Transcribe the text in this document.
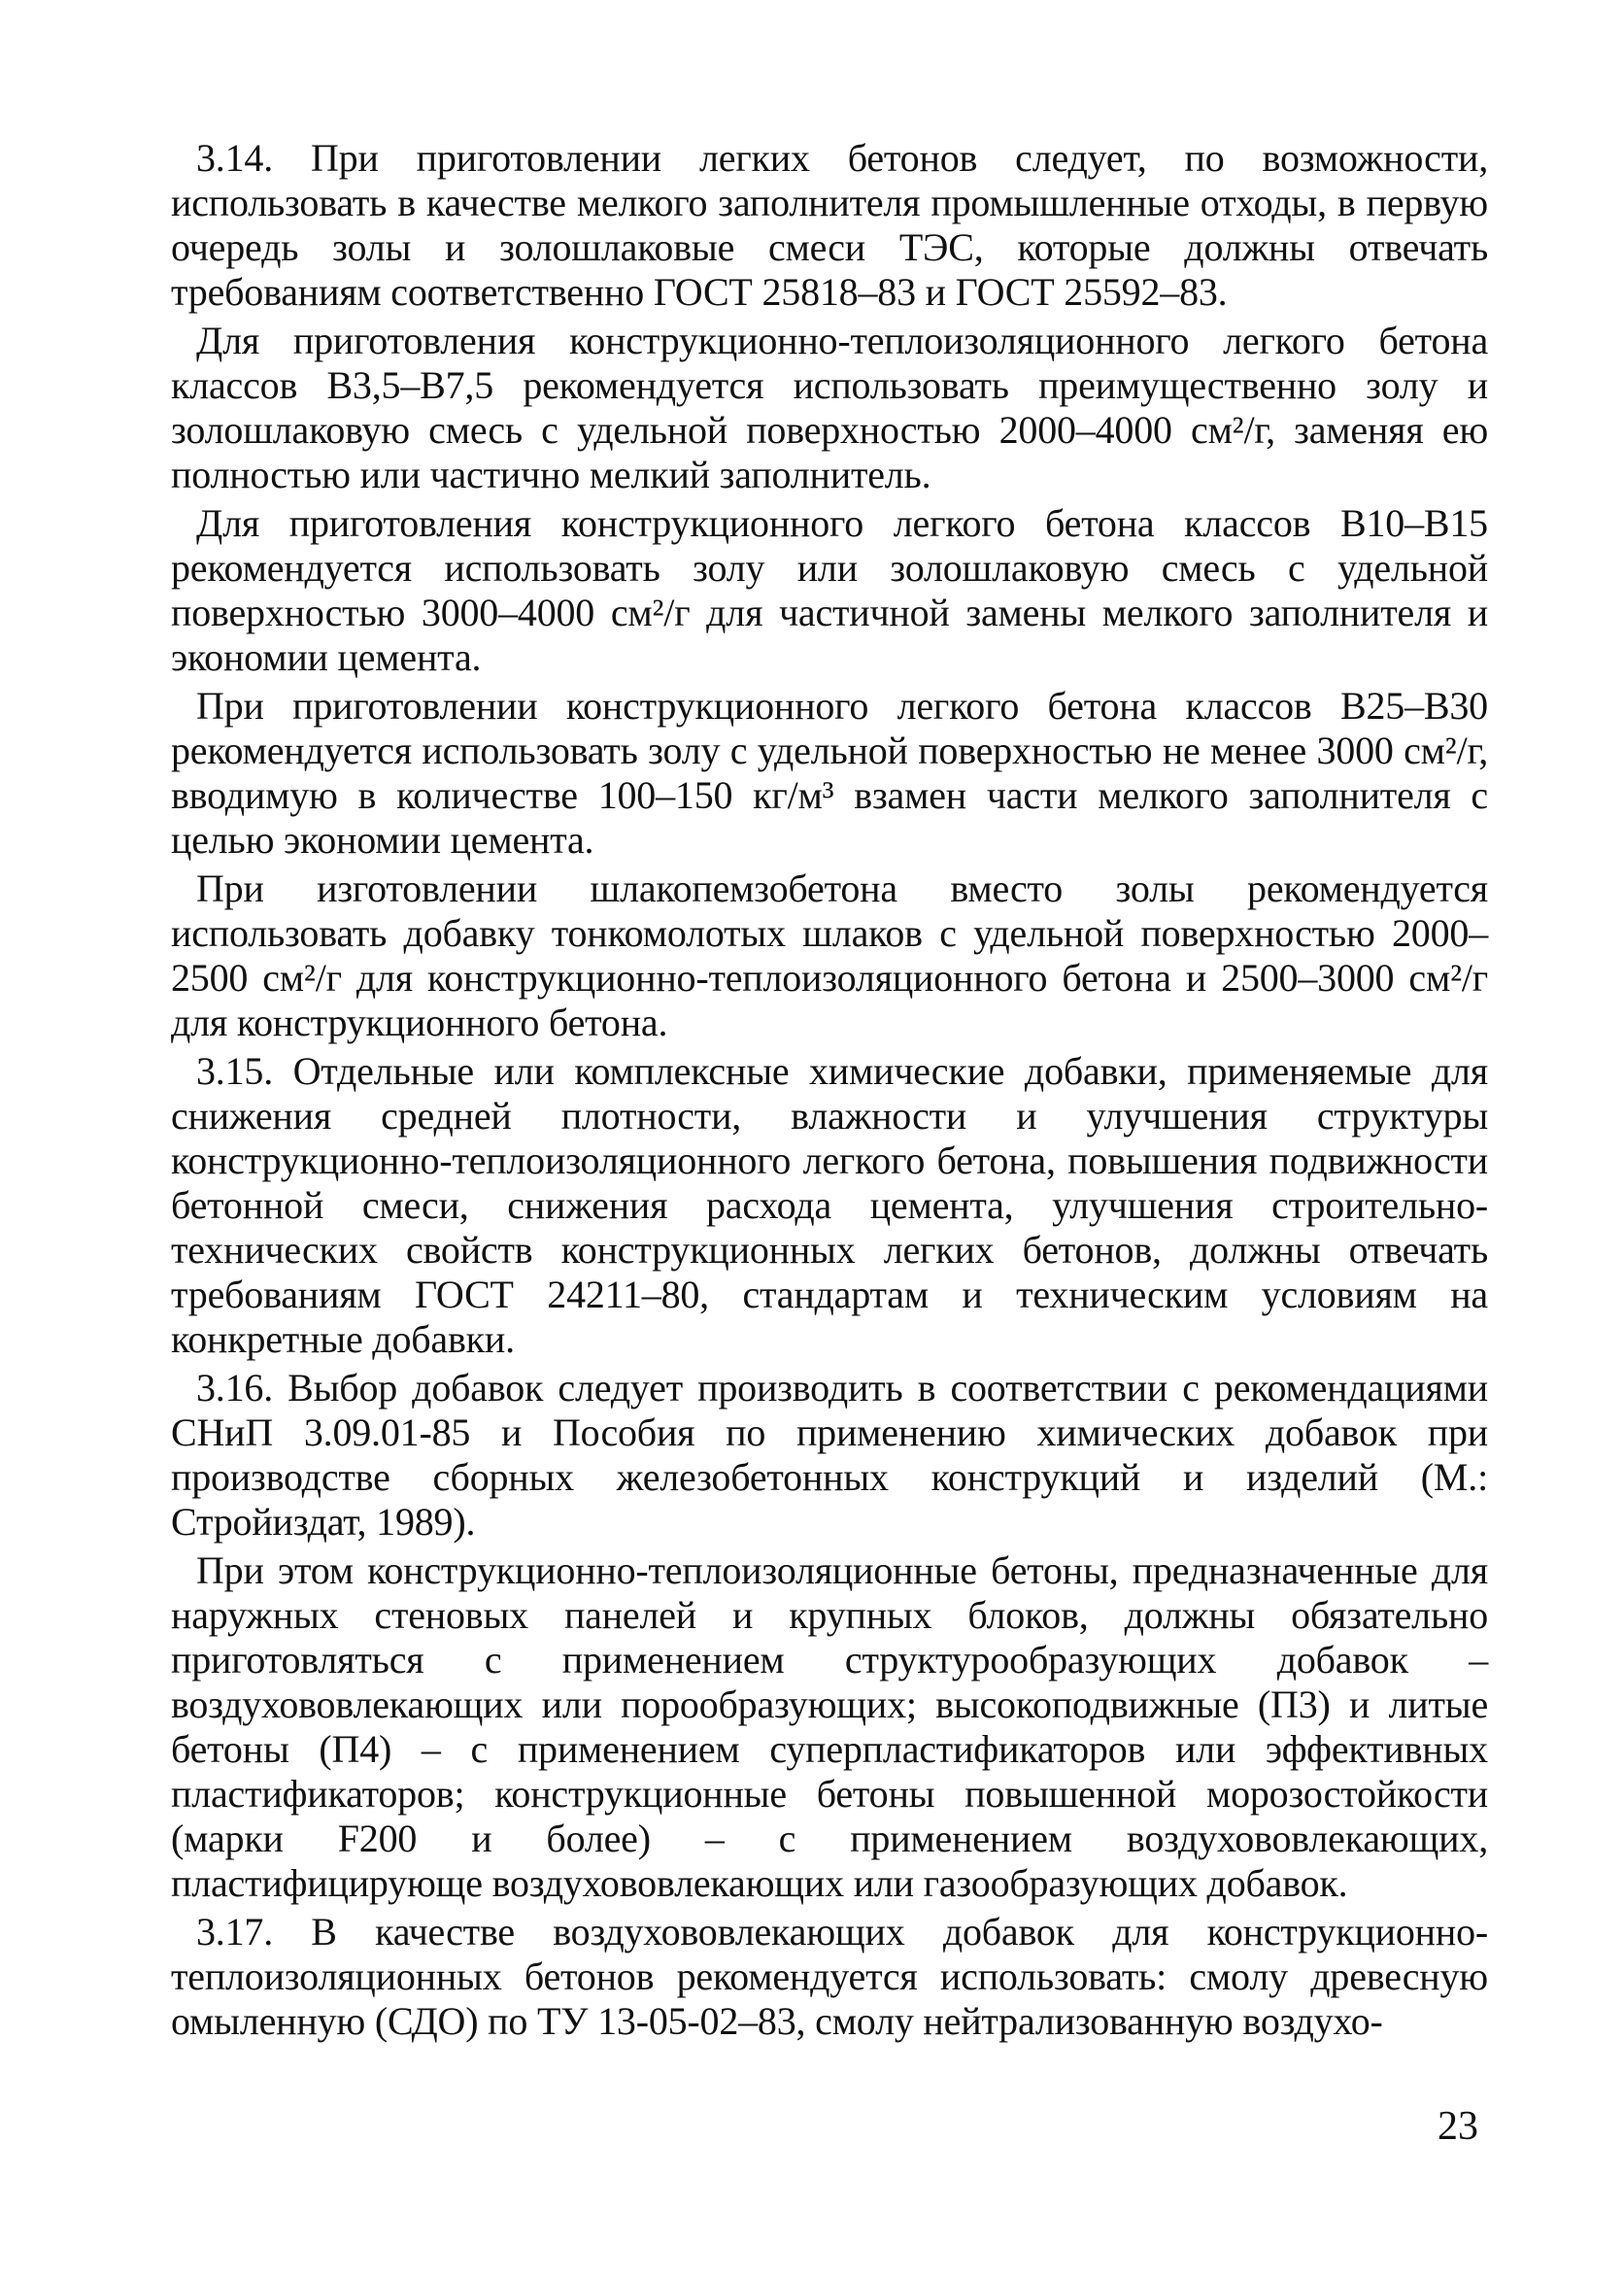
3.14. При приготовлении легких бетонов следует, по возможности, использовать в качестве мелкого заполнителя промышленные отходы, в первую очередь золы и золошлаковые смеси ТЭС, которые должны отвечать требованиям соответственно ГОСТ 25818–83 и ГОСТ 25592–83.

Для приготовления конструкционно-теплоизоляционного легкого бетона классов В3,5–В7,5 рекомендуется использовать преимущественно золу и золошлаковую смесь с удельной поверхностью 2000–4000 см²/г, заменяя ею полностью или частично мелкий заполнитель.

Для приготовления конструкционного легкого бетона классов В10–В15 рекомендуется использовать золу или золошлаковую смесь с удельной поверхностью 3000–4000 см²/г для частичной замены мелкого заполнителя и экономии цемента.

При приготовлении конструкционного легкого бетона классов В25–В30 рекомендуется использовать золу с удельной поверхностью не менее 3000 см²/г, вводимую в количестве 100–150 кг/м³ взамен части мелкого заполнителя с целью экономии цемента.

При изготовлении шлакопемзобетона вместо золы рекомендуется использовать добавку тонкомолотых шлаков с удельной поверхностью 2000–2500 см²/г для конструкционно-теплоизоляционного бетона и 2500–3000 см²/г для конструкционного бетона.

3.15. Отдельные или комплексные химические добавки, применяемые для снижения средней плотности, влажности и улучшения структуры конструкционно-теплоизоляционного легкого бетона, повышения подвижности бетонной смеси, снижения расхода цемента, улучшения строительно-технических свойств конструкционных легких бетонов, должны отвечать требованиям ГОСТ 24211–80, стандартам и техническим условиям на конкретные добавки.

3.16. Выбор добавок следует производить в соответствии с рекомендациями СНиП 3.09.01-85 и Пособия по применению химических добавок при производстве сборных железобетонных конструкций и изделий (М.: Стройиздат, 1989).

При этом конструкционно-теплоизоляционные бетоны, предназначенные для наружных стеновых панелей и крупных блоков, должны обязательно приготовляться с применением структурообразующих добавок – воздухововлекающих или порообразующих; высокоподвижные (П3) и литые бетоны (П4) – с применением суперпластификаторов или эффективных пластификаторов; конструкционные бетоны повышенной морозостойкости (марки F200 и более) – с применением воздухововлекающих, пластифицирующе воздухововлекающих или газообразующих добавок.

3.17. В качестве воздухововлекающих добавок для конструкционно-теплоизоляционных бетонов рекомендуется использовать: смолу древесную омыленную (СДО) по ТУ 13-05-02–83, смолу нейтрализованную воздухо-

23
